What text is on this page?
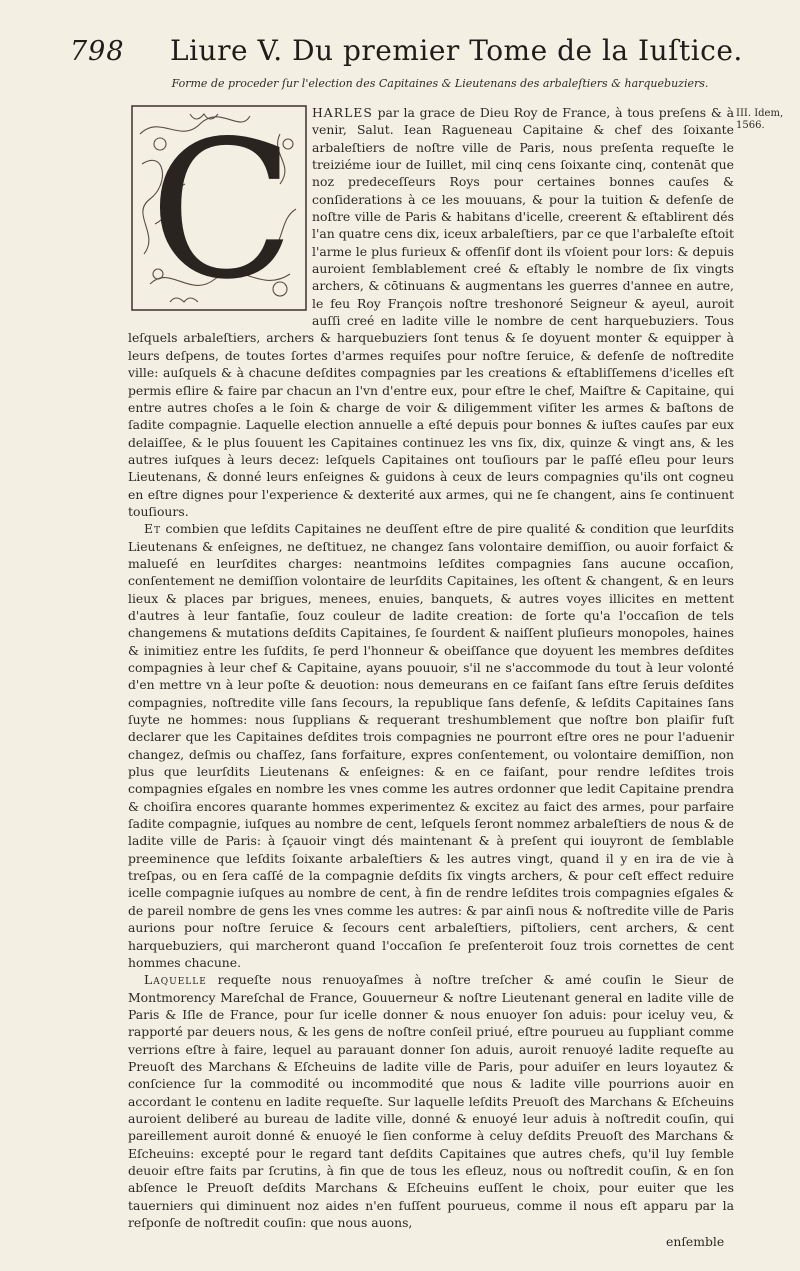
798 Liure V. Du premier Tome de la Iuſtice.
Forme de proceder ſur l'election des Capitaines & Lieutenans des arbaleſtiers & harquebuziers.
III. Idem, 1566.

HARLES par la grace de Dieu Roy de France, à tous preſens & à venir, Salut. Iean Ragueneau Capitaine & chef des ſoixante arbaleſtiers de noſtre ville de Paris, nous preſenta requeſte le treiziéme iour de Iuillet, mil cinq cens ſoixante cinq, contenāt que noz predeceſſeurs Roys pour certaines bonnes cauſes & conſiderations à ce les mouuans, & pour la tuition & defenſe de noſtre ville de Paris & habitans d'icelle, creerent & eſtablirent dés l'an quatre cens dix, iceux arbaleſtiers, par ce que l'arbaleſte eſtoit l'arme le plus furieux & offenſif dont ils vſoient pour lors: & depuis auroient ſemblablement creé & eſtably le nombre de ſix vingts archers, & cōtinuans & augmentans les guerres d'annee en autre, le feu Roy François noſtre treshonoré Seigneur & ayeul, auroit auſſi creé en ladite ville le nombre de cent harquebuziers. Tous leſquels arbaleſtiers, archers & harquebuziers ſont tenus & ſe doyuent monter & equipper à leurs deſpens, de toutes ſortes d'armes requiſes pour noſtre ſeruice, & defenſe de noſtredite ville: auſquels & à chacune deſdites compagnies par les creations & eſtabliſſemens d'icelles eſt permis eſlire & faire par chacun an l'vn d'entre eux, pour eſtre le chef, Maiſtre & Capitaine, qui entre autres choſes a le ſoin & charge de voir & diligemment viſiter les armes & baſtons de ſadite compagnie. Laquelle election annuelle a eſté depuis pour bonnes & iuſtes cauſes par eux delaiſſee, & le plus ſouuent les Capitaines continuez les vns ſix, dix, quinze & vingt ans, & les autres iuſques à leurs decez: leſquels Capitaines ont touſiours par le paſſé eſleu pour leurs Lieutenans, & donné leurs enſeignes & guidons à ceux de leurs compagnies qu'ils ont cogneu en eſtre dignes pour l'experience & dexterité aux armes, qui ne ſe changent, ains ſe continuent touſiours.

Et combien que leſdits Capitaines ne deuſſent eſtre de pire qualité & condition que leurſdits Lieutenans & enſeignes, ne deſtituez, ne changez ſans volontaire demiſſion, ou auoir forfaict & malueſé en leurſdites charges: neantmoins leſdites compagnies ſans aucune occaſion, conſentement ne demiſſion volontaire de leurſdits Capitaines, les oſtent & changent, & en leurs lieux & places par brigues, menees, enuies, banquets, & autres voyes illicites en mettent d'autres à leur fantaſie, ſouz couleur de ladite creation: de ſorte qu'a l'occaſion de tels changemens & mutations deſdits Capitaines, ſe ſourdent & naiſſent pluſieurs monopoles, haines & inimitiez entre les ſuſdits, ſe perd l'honneur & obeiſſance que doyuent les membres deſdites compagnies à leur chef & Capitaine, ayans pouuoir, s'il ne s'accommode du tout à leur volonté d'en mettre vn à leur poſte & deuotion: nous demeurans en ce faiſant ſans eſtre ſeruis deſdites compagnies, noſtredite ville ſans ſecours, la republique ſans defenſe, & leſdits Capitaines ſans ſuyte ne hommes: nous ſupplians & requerant treshumblement que noſtre bon plaiſir fuſt declarer que les Capitaines deſdites trois compagnies ne pourront eſtre ores ne pour l'aduenir changez, deſmis ou chaſſez, ſans forfaiture, expres conſentement, ou volontaire demiſſion, non plus que leurſdits Lieutenans & enſeignes: & en ce faiſant, pour rendre leſdites trois compagnies eſgales en nombre les vnes comme les autres ordonner que ledit Capitaine prendra & choiſira encores quarante hommes experimentez & excitez au faict des armes, pour parfaire ſadite compagnie, iuſques au nombre de cent, leſquels ſeront nommez arbaleſtiers de nous & de ladite ville de Paris: à ſçauoir vingt dés maintenant & à preſent qui iouyront de ſemblable preeminence que leſdits ſoixante arbaleſtiers & les autres vingt, quand il y en ira de vie à treſpas, ou en ſera caſſé de la compagnie deſdits ſix vingts archers, & pour ceſt effect reduire icelle compagnie iuſques au nombre de cent, à fin de rendre leſdites trois compagnies eſgales & de pareil nombre de gens les vnes comme les autres: & par ainſi nous & noſtredite ville de Paris aurions pour noſtre ſeruice & ſecours cent arbaleſtiers, piſtoliers, cent archers, & cent harquebuziers, qui marcheront quand l'occaſion ſe preſenteroit ſouz trois cornettes de cent hommes chacune.

Laquelle requeſte nous renuoyaſmes à noſtre treſcher & amé couſin le Sieur de Montmorency Mareſchal de France, Gouuerneur & noſtre Lieutenant general en ladite ville de Paris & Iſle de France, pour ſur icelle donner & nous enuoyer ſon aduis: pour iceluy veu, & rapporté par deuers nous, & les gens de noſtre conſeil priué, eſtre pourueu au ſuppliant comme verrions eſtre à faire, lequel au parauant donner ſon aduis, auroit renuoyé ladite requeſte au Preuoſt des Marchans & Eſcheuins de ladite ville de Paris, pour aduiſer en leurs loyautez & conſcience ſur la commodité ou incommodité que nous & ladite ville pourrions auoir en accordant le contenu en ladite requeſte. Sur laquelle leſdits Preuoſt des Marchans & Eſcheuins auroient deliberé au bureau de ladite ville, donné & enuoyé leur aduis à noſtredit couſin, qui pareillement auroit donné & enuoyé le ſien conforme à celuy deſdits Preuoſt des Marchans & Eſcheuins: excepté pour le regard tant deſdits Capitaines que autres chefs, qu'il luy ſemble deuoir eſtre faits par ſcrutins, à fin que de tous les eſleuz, nous ou noſtredit couſin, & en ſon abſence le Preuoſt deſdits Marchans & Eſcheuins euſſent le choix, pour euiter que les tauerniers qui diminuent noz aides n'en fuſſent pourueus, comme il nous eſt apparu par la reſponſe de noſtredit couſin: que nous auons,

C
enſemble
